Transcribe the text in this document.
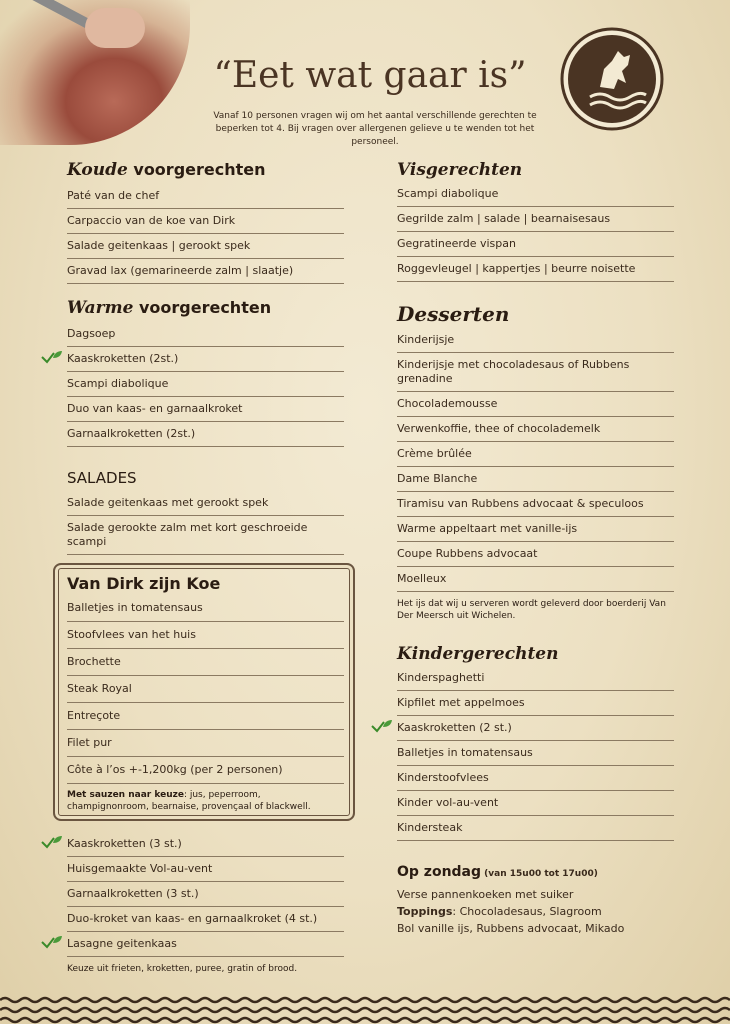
“Eet wat gaar is”
Vanaf 10 personen vragen wij om het aantal verschillende gerechten te beperken tot 4. Bij vragen over allergenen gelieve u te wenden tot het personeel.
Koude voorgerechten
Paté van de chef
Carpaccio van de koe van Dirk
Salade geitenkaas | gerookt spek
Gravad lax (gemarineerde zalm | slaatje)
Warme voorgerechten
Dagsoep
Kaaskroketten (2st.)
Scampi diabolique
Duo van kaas- en garnaalkroket
Garnaalkroketten (2st.)
SALADES
Salade geitenkaas met gerookt spek
Salade gerookte zalm met kort geschroeide scampi
Van Dirk zijn Koe
Balletjes in tomatensaus
Stoofvlees van het huis
Brochette
Steak Royal
Entreçote
Filet pur
Côte à l’os +-1,200kg (per 2 personen)
Met sauzen naar keuze: jus, peperroom, champignonroom, bearnaise, provençaal of blackwell.
Kaaskroketten (3 st.)
Huisgemaakte Vol-au-vent
Garnaalkroketten (3 st.)
Duo-kroket van kaas- en garnaalkroket (4 st.)
Lasagne geitenkaas
Keuze uit frieten, kroketten, puree, gratin of brood.
Visgerechten
Scampi diabolique
Gegrilde zalm | salade | bearnaisesaus
Gegratineerde vispan
Roggevleugel | kappertjes | beurre noisette
Desserten
Kinderijsje
Kinderijsje met chocoladesaus of Rubbens grenadine
Chocolademousse
Verwenkoffie, thee of chocolademelk
Crème brûlée
Dame Blanche
Tiramisu van Rubbens advocaat & speculoos
Warme appeltaart met vanille-ijs
Coupe Rubbens advocaat
Moelleux
Het ijs dat wij u serveren wordt geleverd door boerderij Van Der Meersch uit Wichelen.
Kindergerechten
Kinderspaghetti
Kipfilet met appelmoes
Kaaskroketten (2 st.)
Balletjes in tomatensaus
Kinderstoofvlees
Kinder vol-au-vent
Kindersteak
Op zondag (van 15u00 tot 17u00)
Verse pannenkoeken met suiker
Toppings: Chocoladesaus, Slagroom
Bol vanille ijs, Rubbens advocaat, Mikado
